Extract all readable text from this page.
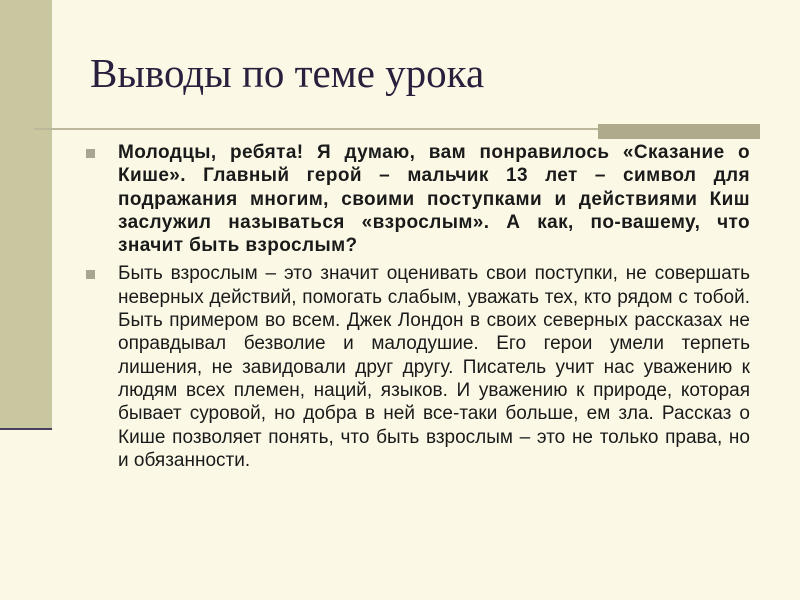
Выводы по теме урока
Молодцы, ребята! Я думаю, вам понравилось «Сказание о Кише». Главный герой – мальчик 13 лет – символ для подражания многим, своими поступками и действиями Киш заслужил называться «взрослым». А как, по-вашему, что значит быть взрослым?
Быть взрослым – это значит оценивать свои поступки, не совершать неверных действий, помогать слабым, уважать тех, кто рядом с тобой. Быть примером во всем. Джек Лондон в своих северных рассказах не оправдывал безволие и малодушие. Его герои умели терпеть лишения, не завидовали друг другу. Писатель учит нас уважению к людям всех племен, наций, языков. И уважению к природе, которая бывает суровой, но добра в ней все-таки больше, ем зла. Рассказ о Кише позволяет понять, что быть взрослым – это не только права, но и обязанности.
